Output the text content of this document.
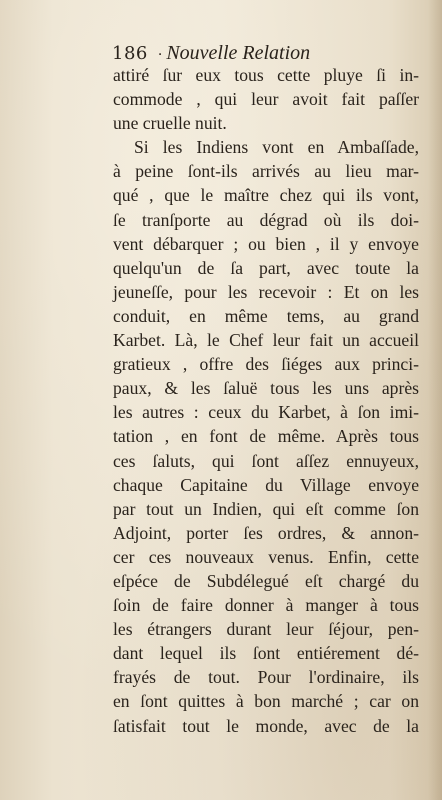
186 · Nouvelle Relation
attiré ſur eux tous cette pluye ſi in-
commode , qui leur avoit fait paſſer
une cruelle nuit.
Si les Indiens vont en Ambaſſade,
à peine ſont-ils arrivés au lieu mar-
qué , que le maître chez qui ils vont,
ſe tranſporte au dégrad où ils doi-
vent débarquer ; ou bien , il y envoye
quelqu'un de ſa part, avec toute la
jeuneſſe, pour les recevoir : Et on les
conduit, en même tems, au grand
Karbet. Là, le Chef leur fait un accueil
gratieux , offre des ſiéges aux princi-
paux, & les ſaluë tous les uns après
les autres : ceux du Karbet, à ſon imi-
tation , en font de même. Après tous
ces ſaluts, qui ſont aſſez ennuyeux,
chaque Capitaine du Village envoye
par tout un Indien, qui eſt comme ſon
Adjoint, porter ſes ordres, & annon-
cer ces nouveaux venus. Enfin, cette
eſpéce de Subdélegué eſt chargé du
ſoin de faire donner à manger à tous
les étrangers durant leur ſéjour, pen-
dant lequel ils ſont entiérement dé-
frayés de tout. Pour l'ordinaire, ils
en ſont quittes à bon marché ; car on
ſatisfait tout le monde, avec de la
